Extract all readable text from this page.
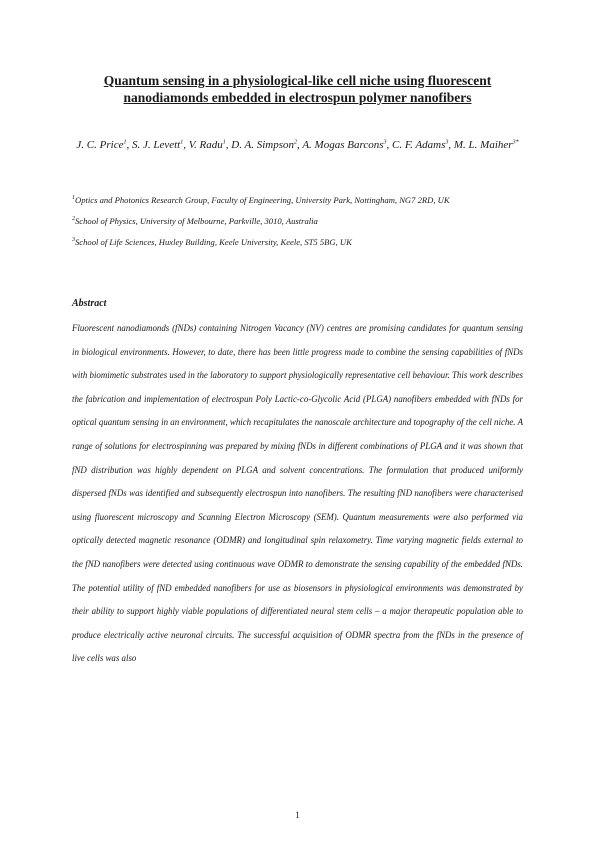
Quantum sensing in a physiological-like cell niche using fluorescent nanodiamonds embedded in electrospun polymer nanofibers

J. C. Price$^1$, S. J. Levett$^1$, V. Radu$^1$, D. A. Simpson$^2$, A. Mogas Barcons$^3$, C. F. Adams$^3$, M. L. Maiher$^{3*}$

$^1$Optics and Photonics Research Group, Faculty of Engineering, University Park, Nottingham, NG7 2RD, UK

$^2$School of Physics, University of Melbourne, Parkville, 3010, Australia

$^3$School of Life Sciences, Huxley Building, Keele University, Keele, ST5 5BG, UK

Abstract

Fluorescent nanodiamonds (fNDs) containing Nitrogen Vacancy (NV) centres are promising candidates for quantum sensing in biological environments. However, to date, there has been little progress made to combine the sensing capabilities of fNDs with biomimetic substrates used in the laboratory to support physiologically representative cell behaviour. This work describes the fabrication and implementation of electrospun Poly Lactic-co-Glycolic Acid (PLGA) nanofibers embedded with fNDs for optical quantum sensing in an environment, which recapitulates the nanoscale architecture and topography of the cell niche. A range of solutions for electrospinning was prepared by mixing fNDs in different combinations of PLGA and it was shown that fND distribution was highly dependent on PLGA and solvent concentrations. The formulation that produced uniformly dispersed fNDs was identified and subsequently electrospun into nanofibers. The resulting fND nanofibers were characterised using fluorescent microscopy and Scanning Electron Microscopy (SEM). Quantum measurements were also performed via optically detected magnetic resonance (ODMR) and longitudinal spin relaxometry. Time varying magnetic fields external to the fND nanofibers were detected using continuous wave ODMR to demonstrate the sensing capability of the embedded fNDs. The potential utility of fND embedded nanofibers for use as biosensors in physiological environments was demonstrated by their ability to support highly viable populations of differentiated neural stem cells – a major therapeutic population able to produce electrically active neuronal circuits. The successful acquisition of ODMR spectra from the fNDs in the presence of live cells was also

1
